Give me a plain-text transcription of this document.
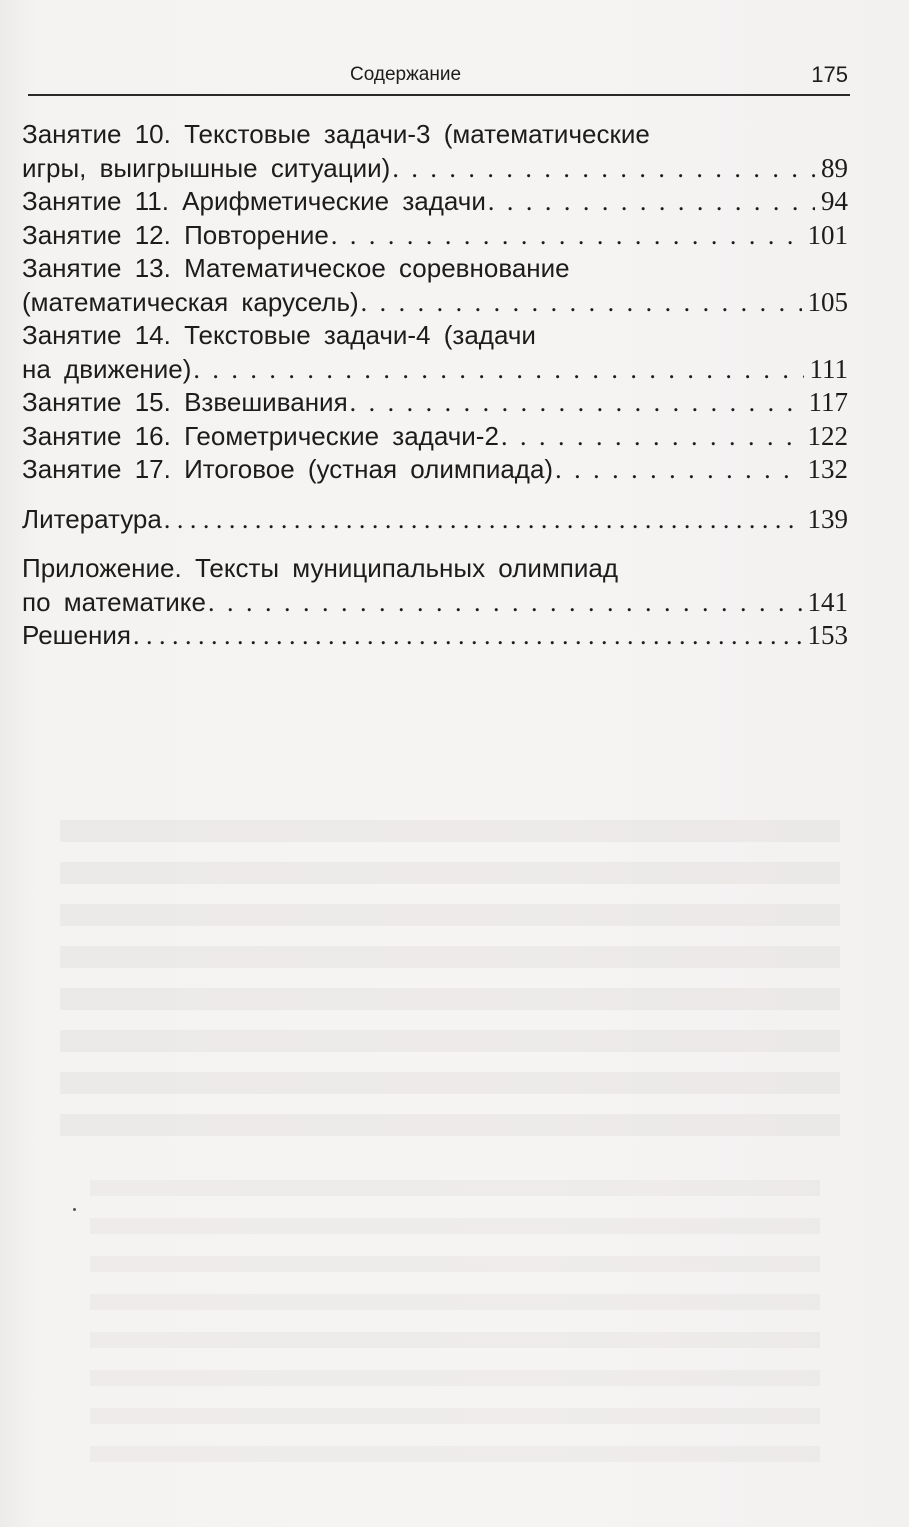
Содержание	175
Занятие 10. Текстовые задачи-3 (математические
игры, выигрышные ситуации) . . .	89
Занятие 11. Арифметические задачи . . .	94
Занятие 12. Повторение . . .	101
Занятие 13. Математическое соревнование
(математическая карусель) . . .	105
Занятие 14. Текстовые задачи-4 (задачи
на движение) . . .	111
Занятие 15. Взвешивания . . .	117
Занятие 16. Геометрические задачи-2 . . .	122
Занятие 17. Итоговое (устная олимпиада) . . .	132
Литература . . .	139
Приложение. Тексты муниципальных олимпиад
по математике . . .	141
Решения . . .	153
